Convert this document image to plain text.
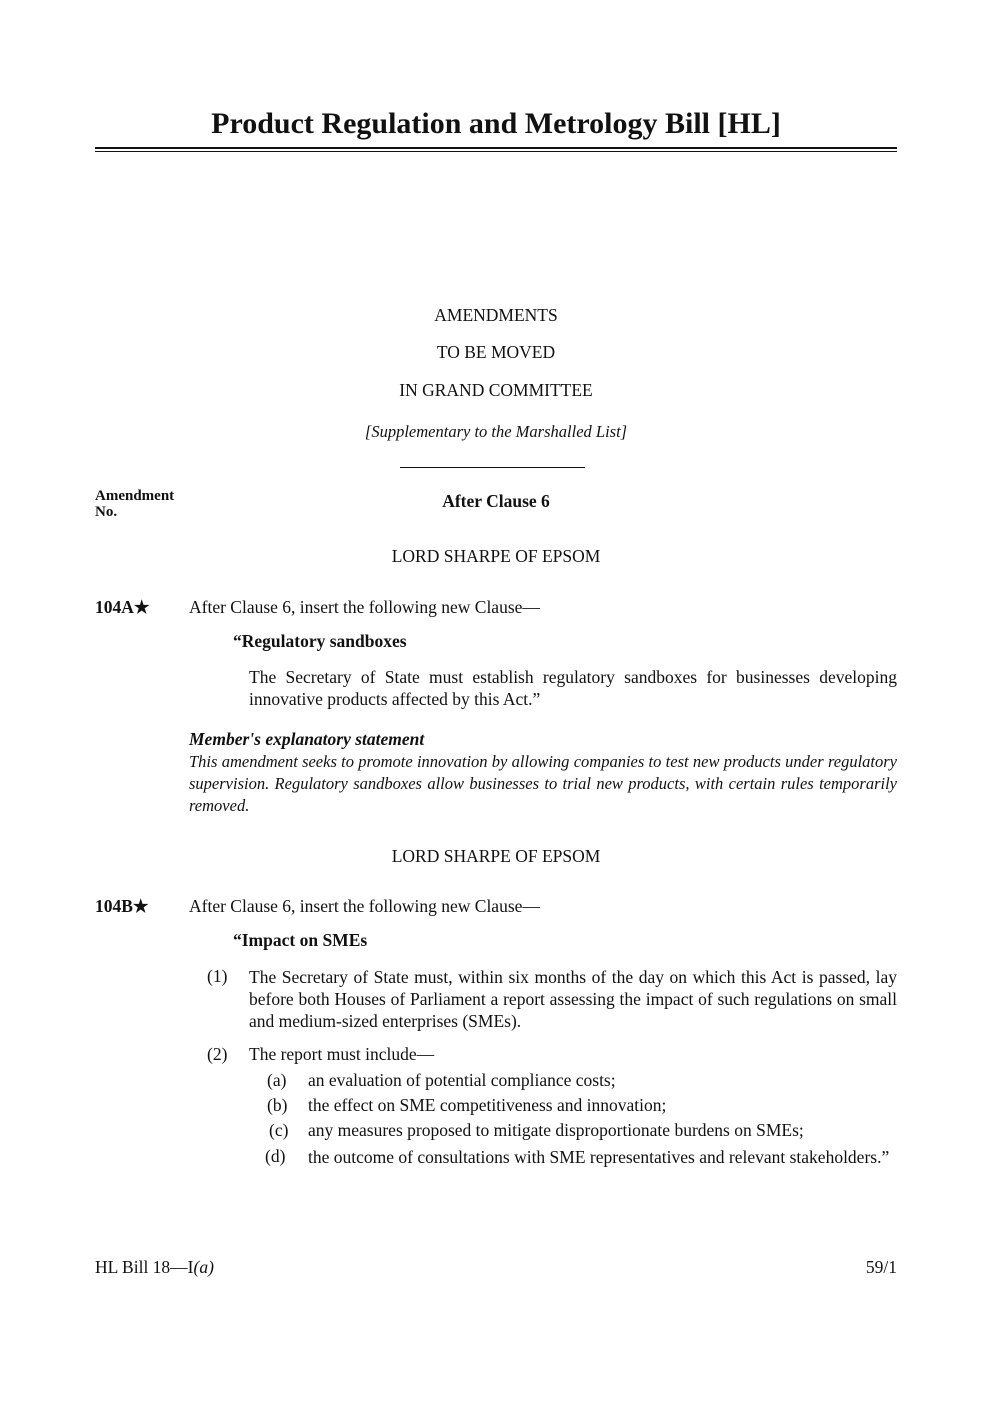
Product Regulation and Metrology Bill [HL]
AMENDMENTS
TO BE MOVED
IN GRAND COMMITTEE
[Supplementary to the Marshalled List]
Amendment
No.
After Clause 6
LORD SHARPE OF EPSOM
104A★ After Clause 6, insert the following new Clause—
“Regulatory sandboxes
The Secretary of State must establish regulatory sandboxes for businesses developing innovative products affected by this Act.”
Member's explanatory statement
This amendment seeks to promote innovation by allowing companies to test new products under regulatory supervision. Regulatory sandboxes allow businesses to trial new products, with certain rules temporarily removed.
LORD SHARPE OF EPSOM
104B★ After Clause 6, insert the following new Clause—
“Impact on SMEs
(1) The Secretary of State must, within six months of the day on which this Act is passed, lay before both Houses of Parliament a report assessing the impact of such regulations on small and medium-sized enterprises (SMEs).
(2) The report must include—
(a) an evaluation of potential compliance costs;
(b) the effect on SME competitiveness and innovation;
(c) any measures proposed to mitigate disproportionate burdens on SMEs;
(d) the outcome of consultations with SME representatives and relevant stakeholders.”
HL Bill 18—I(a)	59/1
